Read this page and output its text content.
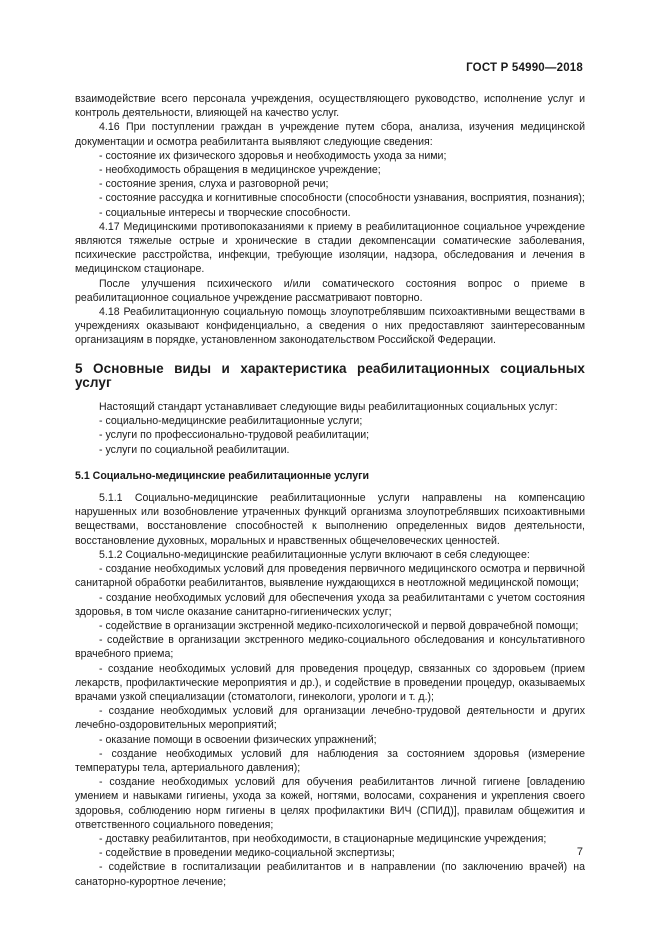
ГОСТ Р 54990—2018

взаимодействие всего персонала учреждения, осуществляющего руководство, исполнение услуг и контроль деятельности, влияющей на качество услуг.

4.16 При поступлении граждан в учреждение путем сбора, анализа, изучения медицинской документации и осмотра реабилитанта выявляют следующие сведения:

- состояние их физического здоровья и необходимость ухода за ними;

- необходимость обращения в медицинское учреждение;

- состояние зрения, слуха и разговорной речи;

- состояние рассудка и когнитивные способности (способности узнавания, восприятия, познания);

- социальные интересы и творческие способности.

4.17 Медицинскими противопоказаниями к приему в реабилитационное социальное учреждение являются тяжелые острые и хронические в стадии декомпенсации соматические заболевания, психические расстройства, инфекции, требующие изоляции, надзора, обследования и лечения в медицинском стационаре.

После улучшения психического и/или соматического состояния вопрос о приеме в реабилитационное социальное учреждение рассматривают повторно.

4.18 Реабилитационную социальную помощь злоупотреблявшим психоактивными веществами в учреждениях оказывают конфиденциально, а сведения о них предоставляют заинтересованным организациям в порядке, установленном законодательством Российской Федерации.

5 Основные виды и характеристика реабилитационных социальных услуг

Настоящий стандарт устанавливает следующие виды реабилитационных социальных услуг:

- социально-медицинские реабилитационные услуги;

- услуги по профессионально-трудовой реабилитации;

- услуги по социальной реабилитации.

5.1 Социально-медицинские реабилитационные услуги

5.1.1 Социально-медицинские реабилитационные услуги направлены на компенсацию нарушенных или возобновление утраченных функций организма злоупотреблявших психоактивными веществами, восстановление способностей к выполнению определенных видов деятельности, восстановление духовных, моральных и нравственных общечеловеческих ценностей.

5.1.2 Социально-медицинские реабилитационные услуги включают в себя следующее:

- создание необходимых условий для проведения первичного медицинского осмотра и первичной санитарной обработки реабилитантов, выявление нуждающихся в неотложной медицинской помощи;

- создание необходимых условий для обеспечения ухода за реабилитантами с учетом состояния здоровья, в том числе оказание санитарно-гигиенических услуг;

- содействие в организации экстренной медико-психологической и первой доврачебной помощи;

- содействие в организации экстренного медико-социального обследования и консультативного врачебного приема;

- создание необходимых условий для проведения процедур, связанных со здоровьем (прием лекарств, профилактические мероприятия и др.), и содействие в проведении процедур, оказываемых врачами узкой специализации (стоматологи, гинекологи, урологи и т. д.);

- создание необходимых условий для организации лечебно-трудовой деятельности и других лечебно-оздоровительных мероприятий;

- оказание помощи в освоении физических упражнений;

- создание необходимых условий для наблюдения за состоянием здоровья (измерение температуры тела, артериального давления);

- создание необходимых условий для обучения реабилитантов личной гигиене [овладению умением и навыками гигиены, ухода за кожей, ногтями, волосами, сохранения и укрепления своего здоровья, соблюдению норм гигиены в целях профилактики ВИЧ (СПИД)], правилам общежития и ответственного социального поведения;

- доставку реабилитантов, при необходимости, в стационарные медицинские учреждения;

- содействие в проведении медико-социальной экспертизы;

- содействие в госпитализации реабилитантов и в направлении (по заключению врачей) на санаторно-курортное лечение;

7
